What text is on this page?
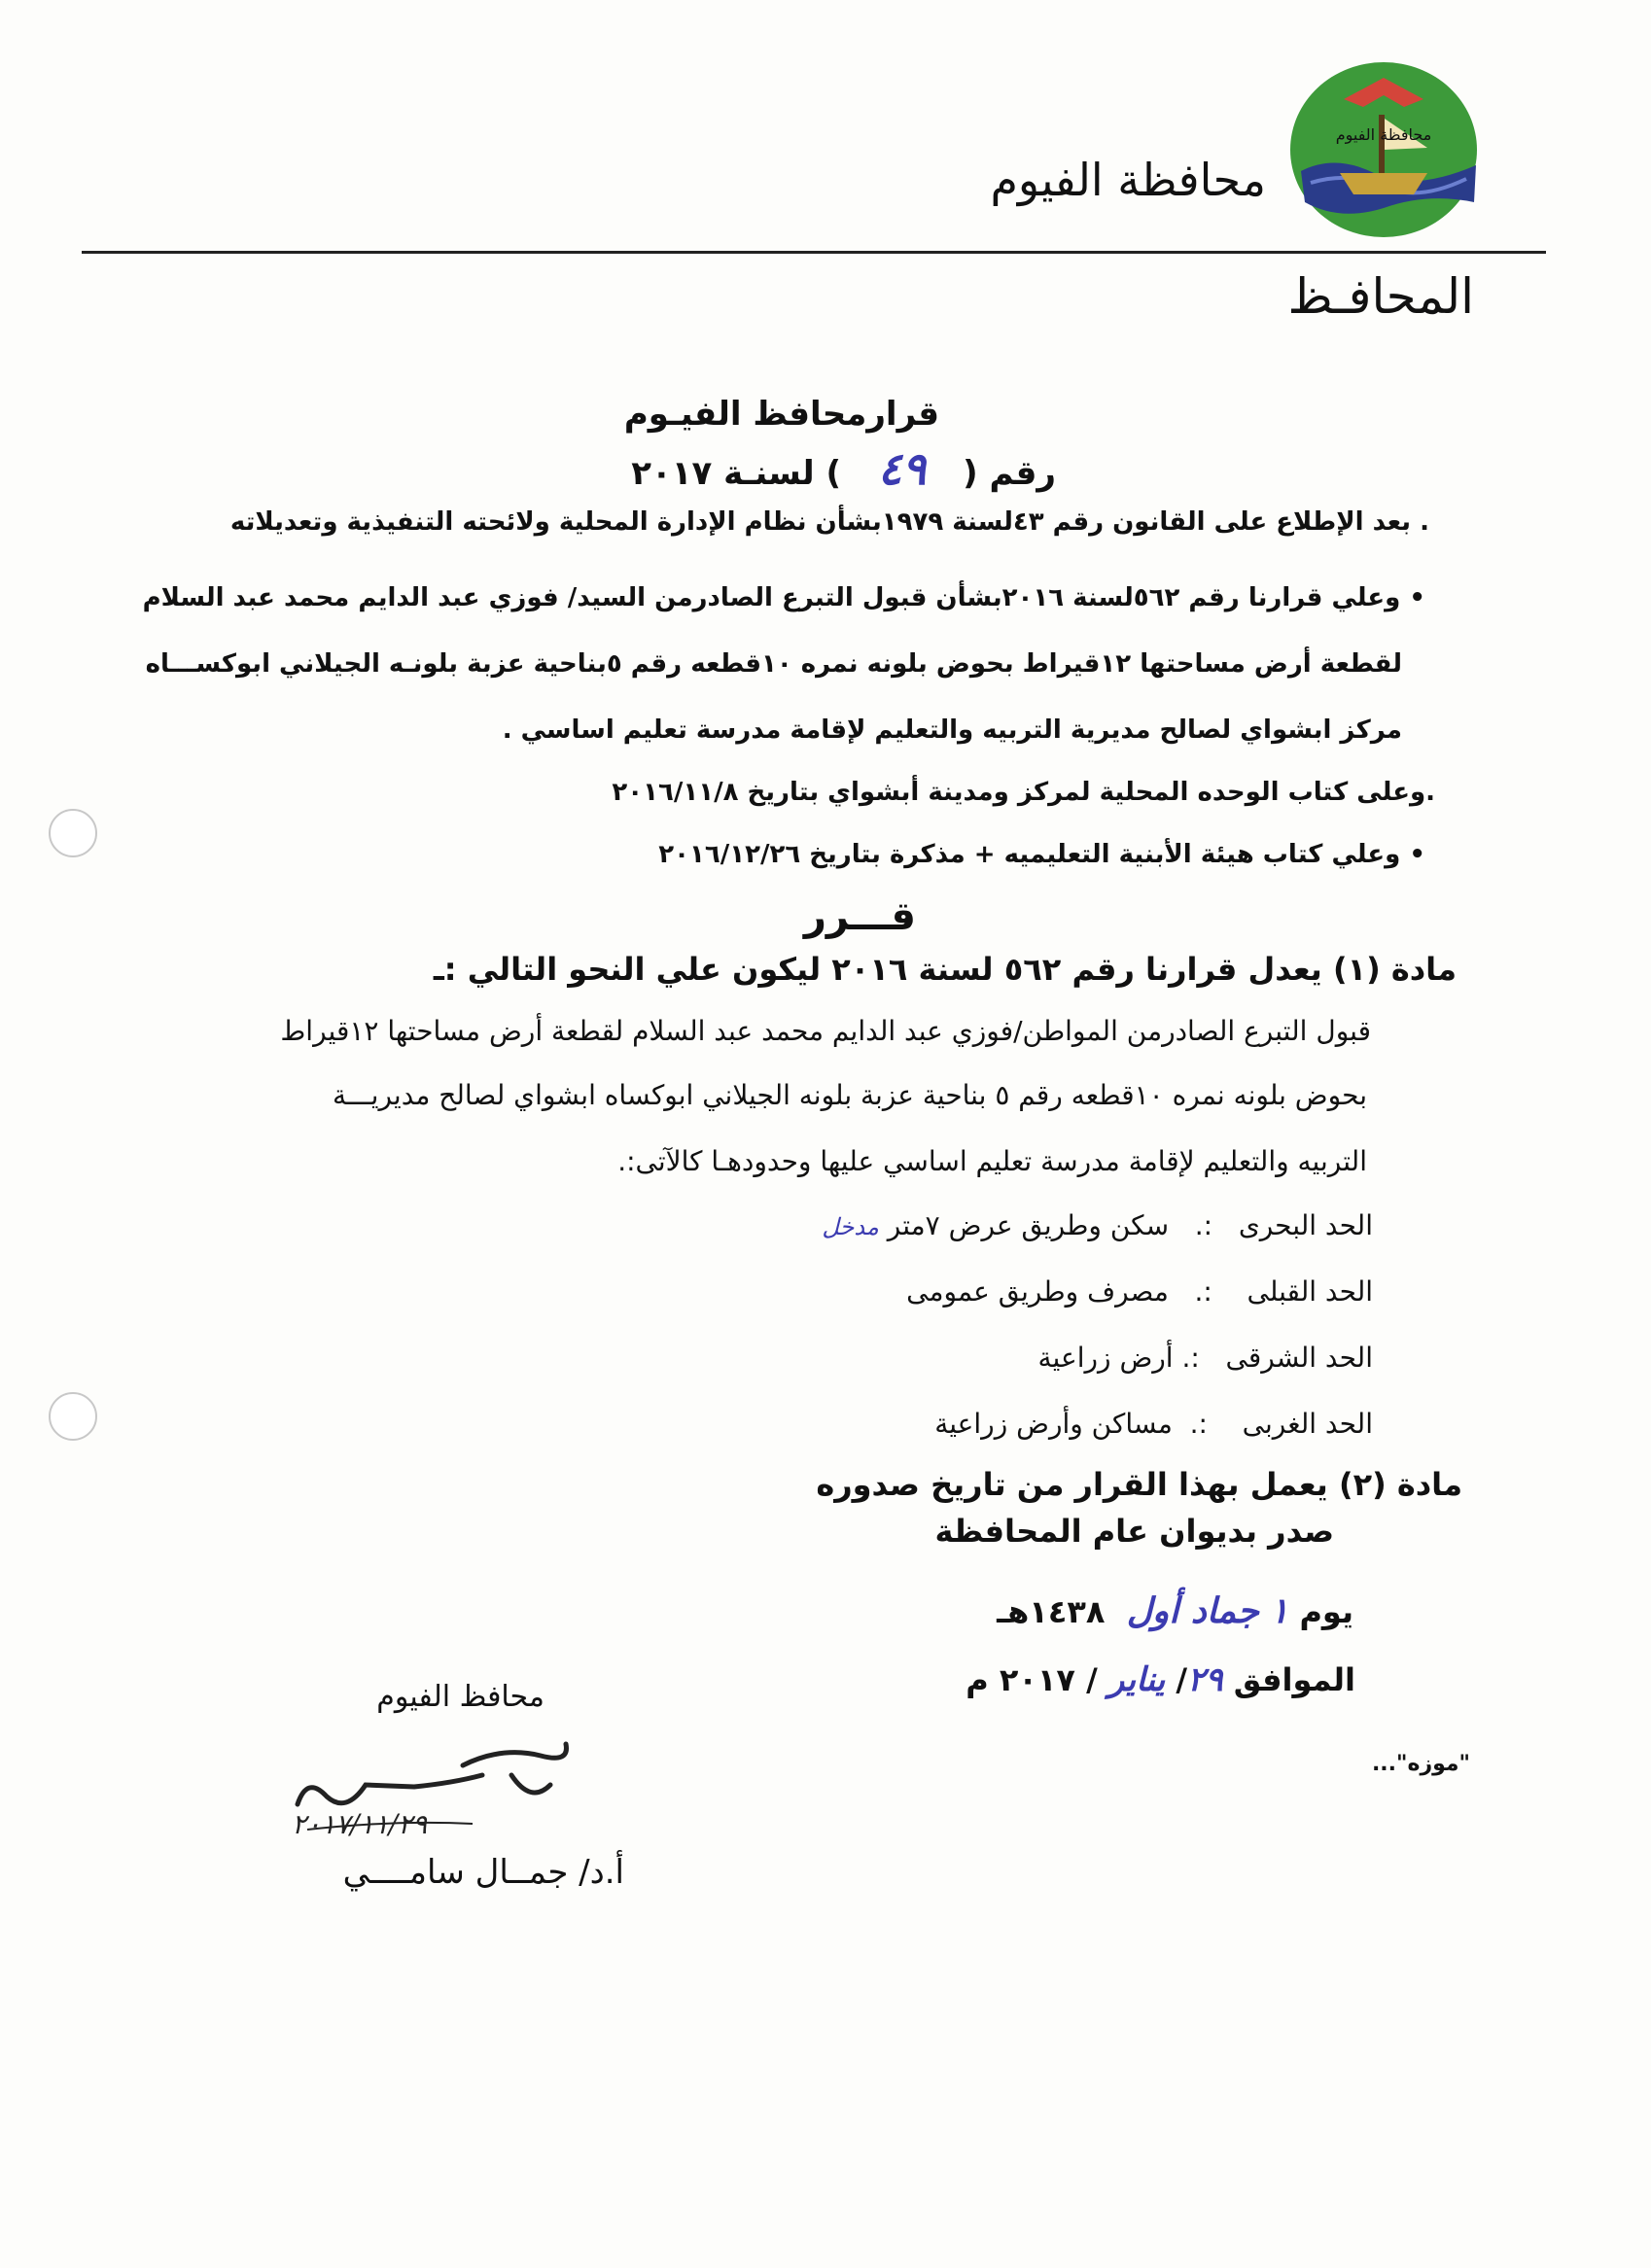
محافظة الفيوم
محافظة الفيوم
المحافـظ
قرارمحافظ الفيـوم
رقم ( ٤٩ ) لسنـة ٢٠١٧
. بعد الإطلاع على القانون رقم ٤٣لسنة ١٩٧٩بشأن نظام الإدارة المحلية ولائحته التنفيذية وتعديلاته
• وعلي قرارنا رقم ٥٦٢لسنة ٢٠١٦بشأن قبول التبرع الصادرمن السيد/ فوزي عبد الدايم محمد عبد السلام
لقطعة أرض مساحتها ١٢قيراط بحوض بلونه نمره ١٠قطعه رقم ٥بناحية عزبة بلونـه الجيلاني ابوكســـاه
مركز ابشواي لصالح مديرية التربيه والتعليم لإقامة مدرسة تعليم اساسي .
.وعلى كتاب الوحده المحلية لمركز ومدينة أبشواي بتاريخ ٢٠١٦/١١/٨
• وعلي كتاب هيئة الأبنية التعليميه + مذكرة بتاريخ ٢٠١٦/١٢/٢٦
قـــرر
مادة (١) يعدل قرارنا رقم ٥٦٢ لسنة ٢٠١٦ ليكون علي النحو التالي :ـ
قبول التبرع الصادرمن المواطن/فوزي عبد الدايم محمد عبد السلام لقطعة أرض مساحتها ١٢قيراط
بحوض بلونه نمره ١٠قطعه رقم ٥ بناحية عزبة بلونه الجيلاني ابوكساه ابشواي لصالح مديريـــة
التربيه والتعليم لإقامة مدرسة تعليم اساسي عليها وحدودهـا كالآتى:.
الحد البحرى   :.   سكن وطريق عرض ٧متر مدخل
الحد القبلى    :.   مصرف وطريق عمومى
الحد الشرقى   :. أرض زراعية
الحد الغربى    :.  مساكن وأرض زراعية
مادة (٢) يعمل بهذا القرار من تاريخ صدوره
صدر بديوان عام المحافظة
يوم ١ جماد أول  ١٤٣٨هـ
الموافق ٢٩/ يناير / ٢٠١٧ م
محافظ الفيوم
٢٠١٧/١١/٢٩
أ.د/ جمــال سامــــي
"موزه"...
